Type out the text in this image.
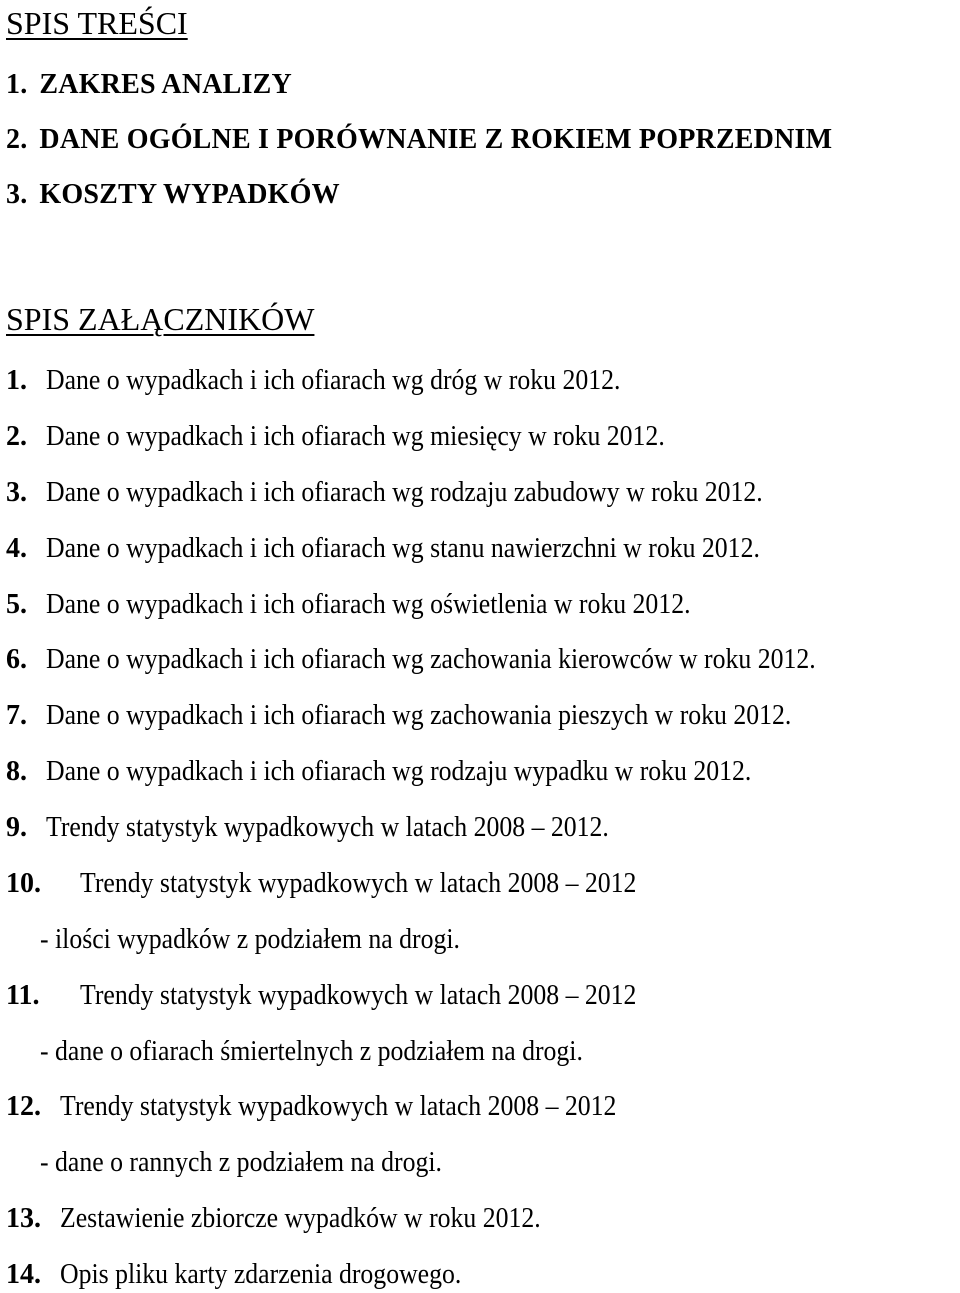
SPIS TREŚCI
1. ZAKRES ANALIZY
2. DANE OGÓLNE I PORÓWNANIE Z ROKIEM POPRZEDNIM
3. KOSZTY WYPADKÓW
SPIS ZAŁĄCZNIKÓW
1. Dane o wypadkach i ich ofiarach wg dróg w roku 2012.
2. Dane o wypadkach i ich ofiarach wg miesięcy w roku 2012.
3. Dane o wypadkach i ich ofiarach wg rodzaju zabudowy w roku 2012.
4. Dane o wypadkach i ich ofiarach wg stanu nawierzchni w roku 2012.
5. Dane o wypadkach i ich ofiarach wg oświetlenia w roku 2012.
6. Dane o wypadkach i ich ofiarach wg zachowania kierowców w roku 2012.
7. Dane o wypadkach i ich ofiarach wg zachowania pieszych w roku 2012.
8. Dane o wypadkach i ich ofiarach wg rodzaju wypadku w roku 2012.
9. Trendy statystyk wypadkowych w latach 2008 – 2012.
10. Trendy statystyk wypadkowych w latach 2008 – 2012
- ilości wypadków z podziałem na drogi.
11. Trendy statystyk wypadkowych w latach 2008 – 2012
- dane o ofiarach śmiertelnych z podziałem na drogi.
12. Trendy statystyk wypadkowych w latach 2008 – 2012
- dane o rannych z podziałem na drogi.
13. Zestawienie zbiorcze wypadków w roku 2012.
14. Opis pliku karty zdarzenia drogowego.
